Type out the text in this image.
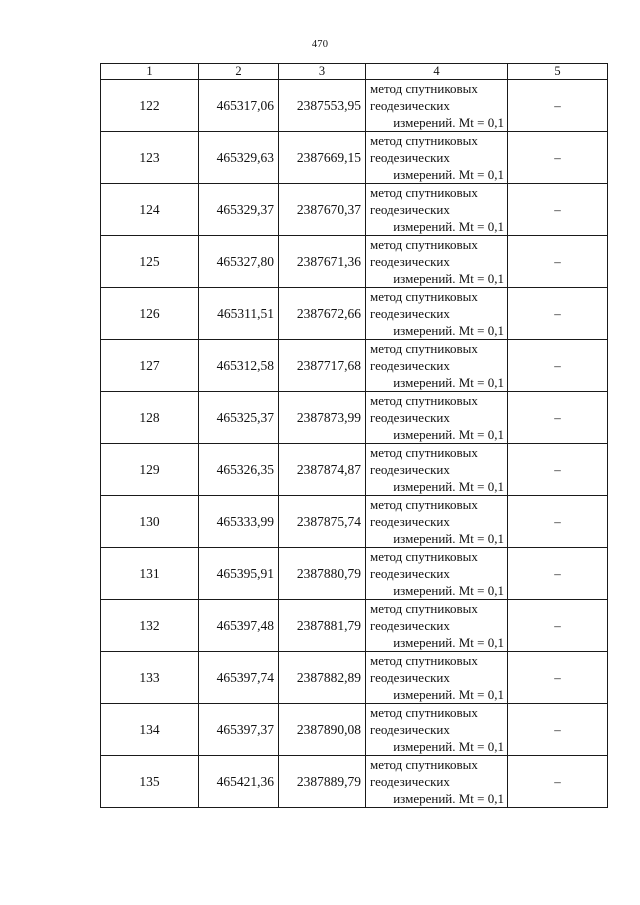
470
1	2	3	4	5
122	465317,06	2387553,95	метод спутниковых
геодезических
измерений. Mt = 0,1	–
123	465329,63	2387669,15	метод спутниковых
геодезических
измерений. Mt = 0,1	–
124	465329,37	2387670,37	метод спутниковых
геодезических
измерений. Mt = 0,1	–
125	465327,80	2387671,36	метод спутниковых
геодезических
измерений. Mt = 0,1	–
126	465311,51	2387672,66	метод спутниковых
геодезических
измерений. Mt = 0,1	–
127	465312,58	2387717,68	метод спутниковых
геодезических
измерений. Mt = 0,1	–
128	465325,37	2387873,99	метод спутниковых
геодезических
измерений. Mt = 0,1	–
129	465326,35	2387874,87	метод спутниковых
геодезических
измерений. Mt = 0,1	–
130	465333,99	2387875,74	метод спутниковых
геодезических
измерений. Mt = 0,1	–
131	465395,91	2387880,79	метод спутниковых
геодезических
измерений. Mt = 0,1	–
132	465397,48	2387881,79	метод спутниковых
геодезических
измерений. Mt = 0,1	–
133	465397,74	2387882,89	метод спутниковых
геодезических
измерений. Mt = 0,1	–
134	465397,37	2387890,08	метод спутниковых
геодезических
измерений. Mt = 0,1	–
135	465421,36	2387889,79	метод спутниковых
геодезических
измерений. Mt = 0,1	–
